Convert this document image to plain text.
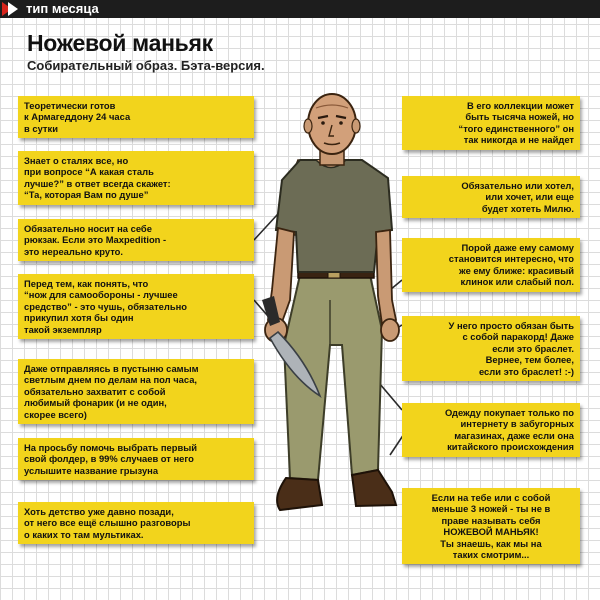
тип месяца
Ножевой маньяк
Собирательный образ. Бэта-версия.
Теоретически готов
к Армагеддону 24 часа
в сутки
Знает о сталях все, но
при вопросе “А какая сталь
лучше?” в ответ всегда скажет:
“Та, которая Вам по душе”
Обязательно носит на себе
рюкзак. Если это Maxpedition -
это нереально круто.
Перед тем, как понять, что
“нож для самообороны - лучшее
средство” - это чушь, обязательно
прикупил хотя бы один
такой экземпляр
Даже отправляясь в пустыню самым
светлым днем по делам на пол часа,
обязательно захватит с собой
любимый фонарик (и не один,
скорее всего)
На просьбу помочь выбрать первый
свой фолдер, в 99% случаев от него
услышите название грызуна
Хоть детство уже давно позади,
от него все ещё слышно разговоры
о каких то там мультиках.
В его коллекции может
быть тысяча ножей, но
“того единственного” он
так никогда и не найдет
Обязательно или хотел,
или хочет, или еще
будет хотеть Милю.
Порой даже ему самому
становится интересно, что
же ему ближе: красивый
клинок или слабый пол.
У него просто обязан быть
с собой паракорд! Даже
если это браслет.
Вернее, тем более,
если это браслет! :-)
Одежду покупает только по
интернету в забугорных
магазинах, даже если она
китайского происхождения
Если на тебе или с собой
меньше 3 ножей - ты не в
праве называть себя
НОЖЕВОЙ МАНЬЯК!
Ты знаешь, как мы на
таких смотрим...
